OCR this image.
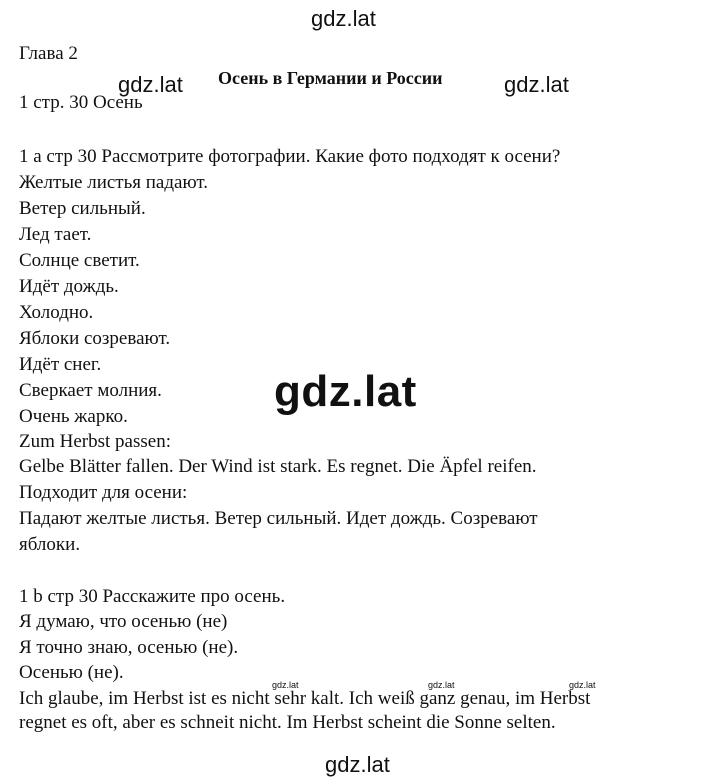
gdz.lat
Глава 2
Осень в Германии и России
gdz.lat	gdz.lat
1 стр. 30 Осень
1 a стр 30 Рассмотрите фотографии. Какие фото подходят к осени?
Желтые листья падают.
Ветер сильный.
Лед тает.
Солнце светит.
Идёт дождь.
Холодно.
Яблоки созревают.
Идёт снег.
Сверкает молния.
Очень жарко.
Zum Herbst passen:
Gelbe Blätter fallen. Der Wind ist stark. Es regnet. Die Äpfel reifen.
Подходит для осени:
Падают желтые листья. Ветер сильный. Идет дождь. Созревают
яблоки.
gdz.lat
1 b стр 30 Расскажите про осень.
Я думаю, что осенью (не)
Я точно знаю, осенью (не).
Осенью (не).
Ich glaube, im Herbst ist es nicht sehr kalt. Ich weiß ganz genau, im Herbst
regnet es oft, aber es schneit nicht. Im Herbst scheint die Sonne selten.
gdz.lat	gdz.lat	gdz.lat
gdz.lat
